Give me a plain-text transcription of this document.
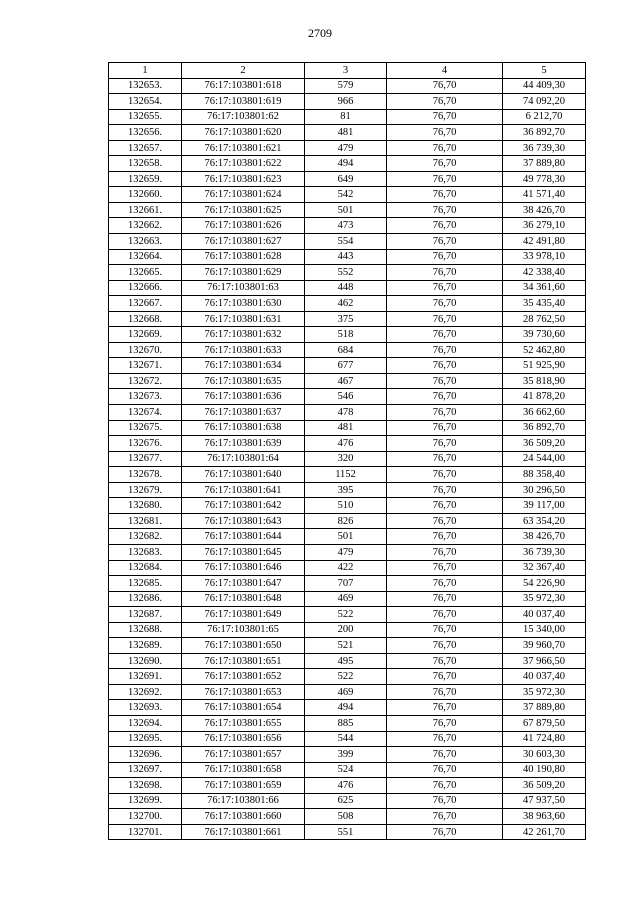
2709
1	2	3	4	5
132653.	76:17:103801:618	579	76,70	44 409,30
132654.	76:17:103801:619	966	76,70	74 092,20
132655.	76:17:103801:62	81	76,70	6 212,70
132656.	76:17:103801:620	481	76,70	36 892,70
132657.	76:17:103801:621	479	76,70	36 739,30
132658.	76:17:103801:622	494	76,70	37 889,80
132659.	76:17:103801:623	649	76,70	49 778,30
132660.	76:17:103801:624	542	76,70	41 571,40
132661.	76:17:103801:625	501	76,70	38 426,70
132662.	76:17:103801:626	473	76,70	36 279,10
132663.	76:17:103801:627	554	76,70	42 491,80
132664.	76:17:103801:628	443	76,70	33 978,10
132665.	76:17:103801:629	552	76,70	42 338,40
132666.	76:17:103801:63	448	76,70	34 361,60
132667.	76:17:103801:630	462	76,70	35 435,40
132668.	76:17:103801:631	375	76,70	28 762,50
132669.	76:17:103801:632	518	76,70	39 730,60
132670.	76:17:103801:633	684	76,70	52 462,80
132671.	76:17:103801:634	677	76,70	51 925,90
132672.	76:17:103801:635	467	76,70	35 818,90
132673.	76:17:103801:636	546	76,70	41 878,20
132674.	76:17:103801:637	478	76,70	36 662,60
132675.	76:17:103801:638	481	76,70	36 892,70
132676.	76:17:103801:639	476	76,70	36 509,20
132677.	76:17:103801:64	320	76,70	24 544,00
132678.	76:17:103801:640	1152	76,70	88 358,40
132679.	76:17:103801:641	395	76,70	30 296,50
132680.	76:17:103801:642	510	76,70	39 117,00
132681.	76:17:103801:643	826	76,70	63 354,20
132682.	76:17:103801:644	501	76,70	38 426,70
132683.	76:17:103801:645	479	76,70	36 739,30
132684.	76:17:103801:646	422	76,70	32 367,40
132685.	76:17:103801:647	707	76,70	54 226,90
132686.	76:17:103801:648	469	76,70	35 972,30
132687.	76:17:103801:649	522	76,70	40 037,40
132688.	76:17:103801:65	200	76,70	15 340,00
132689.	76:17:103801:650	521	76,70	39 960,70
132690.	76:17:103801:651	495	76,70	37 966,50
132691.	76:17:103801:652	522	76,70	40 037,40
132692.	76:17:103801:653	469	76,70	35 972,30
132693.	76:17:103801:654	494	76,70	37 889,80
132694.	76:17:103801:655	885	76,70	67 879,50
132695.	76:17:103801:656	544	76,70	41 724,80
132696.	76:17:103801:657	399	76,70	30 603,30
132697.	76:17:103801:658	524	76,70	40 190,80
132698.	76:17:103801:659	476	76,70	36 509,20
132699.	76:17:103801:66	625	76,70	47 937,50
132700.	76:17:103801:660	508	76,70	38 963,60
132701.	76:17:103801:661	551	76,70	42 261,70
